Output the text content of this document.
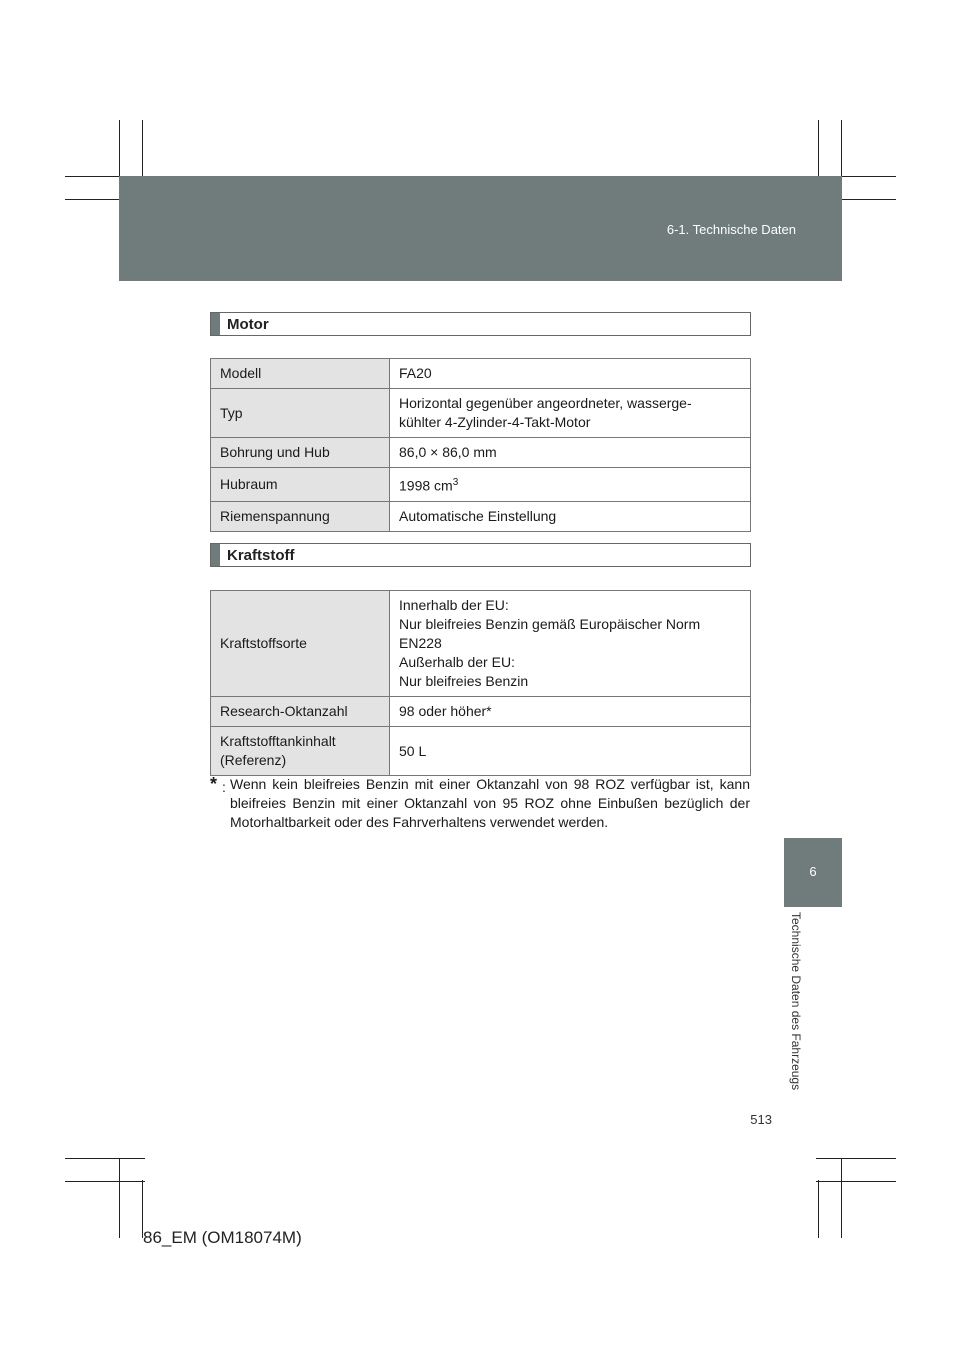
6-1. Technische Daten
6
Technische Daten des Fahrzeugs
Motor
Modell	FA20
Typ	Horizontal gegenüber angeordneter, wasserge-
kühlter 4-Zylinder-4-Takt-Motor

Bohrung und Hub	86,0 × 86,0 mm
Hubraum	1998 $cm^3$
Riemenspannung	Automatische Einstellung
Kraftstoff
Kraftstoffsorte	Innerhalb der EU:
Nur bleifreies Benzin gemäß Europäischer Norm
EN228
Außerhalb der EU:
Nur bleifreies Benzin

Research-Oktanzahl	98 oder höher*

Kraftstofftankinhalt
(Referenz)	50 L
* : Wenn kein bleifreies Benzin mit einer Oktanzahl von 98 ROZ verfügbar ist, kann bleifreies Benzin mit einer Oktanzahl von 95 ROZ ohne Einbußen bezüglich der Motorhaltbarkeit oder des Fahrverhaltens verwendet werden.
513
86_EM (OM18074M)
